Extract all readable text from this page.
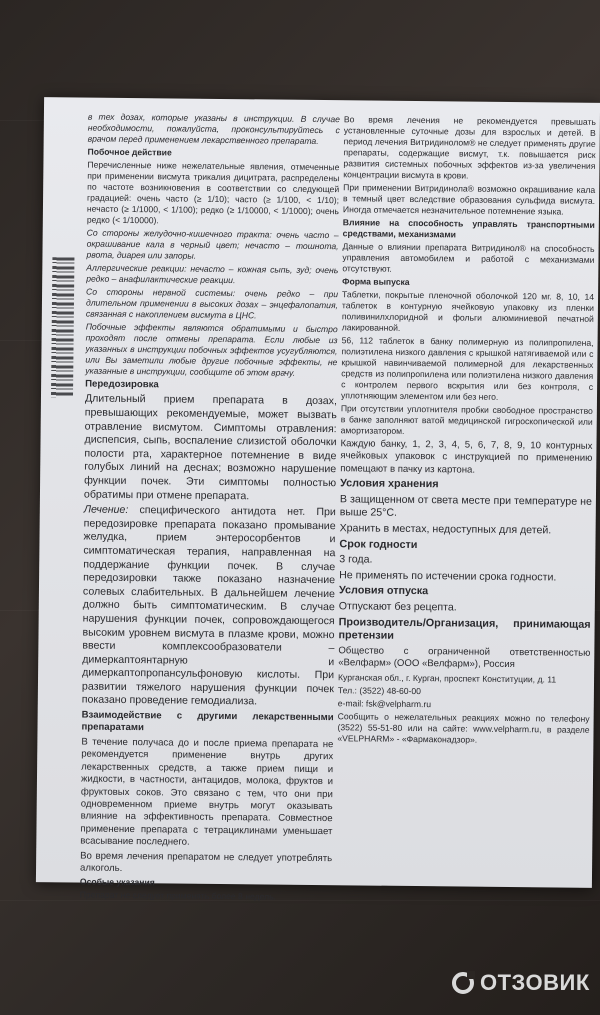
в тех дозах, которые указаны в инструкции. В случае необходимости, пожалуйста, проконсультируйтесь с врачом перед применением лекарственного препарата.

Побочное действие

Перечисленные ниже нежелательные явления, отмеченные при применении висмута трикалия дицитрата, распределены по частоте возникновения в соответствии со следующей градацией: очень часто (≥ 1/10); часто (≥ 1/100, < 1/10); нечасто (≥ 1/1000, < 1/100); редко (≥ 1/10000, < 1/1000); очень редко (< 1/10000).

Со стороны желудочно-кишечного тракта: очень часто – окрашивание кала в черный цвет; нечасто – тошнота, рвота, диарея или запоры.

Аллергические реакции: нечасто – кожная сыпь, зуд; очень редко – анафилактические реакции.

Со стороны нервной системы: очень редко – при длительном применении в высоких дозах – энцефалопатия, связанная с накоплением висмута в ЦНС.

Побочные эффекты являются обратимыми и быстро проходят после отмены препарата. Если любые из указанных в инструкции побочных эффектов усугубляются, или Вы заметили любые другие побочные эффекты, не указанные в инструкции, сообщите об этом врачу.

Передозировка

Длительный прием препарата в дозах, превышающих рекомендуемые, может вызвать отравление висмутом. Симптомы отравления: диспепсия, сыпь, воспаление слизистой оболочки полости рта, характерное потемнение в виде голубых линий на деснах; возможно нарушение функции почек. Эти симптомы полностью обратимы при отмене препарата.

Лечение: специфического антидота нет. При передозировке препарата показано промывание желудка, прием энтеросорбентов и симптоматическая терапия, направленная на поддержание функции почек. В случае передозировки также показано назначение солевых слабительных. В дальнейшем лечение должно быть симптоматическим. В случае нарушения функции почек, сопровождающегося высоким уровнем висмута в плазме крови, можно ввести комплексообразователи – димеркаптоянтарную и димеркаптопропансульфоновую кислоты. При развитии тяжелого нарушения функции почек показано проведение гемодиализа.

Взаимодействие с другими лекарственными препаратами

В течение получаса до и после приема препарата не рекомендуется применение внутрь других лекарственных средств, а также прием пищи и жидкости, в частности, антацидов, молока, фруктов и фруктовых соков. Это связано с тем, что они при одновременном приеме внутрь могут оказывать влияние на эффективность препарата. Совместное применение препарата с тетрациклинами уменьшает всасывание последнего.

Во время лечения препаратом не следует употреблять алкоголь.

Особые указания

Препарат не следует применять более 8 недель.

Во время лечения не рекомендуется превышать установленные суточные дозы для взрослых и детей. В период лечения Витридинолом® не следует применять другие препараты, содержащие висмут, т.к. повышается риск развития системных побочных эффектов из-за увеличения концентрации висмута в крови.

При применении Витридинола® возможно окрашивание кала в темный цвет вследствие образования сульфида висмута. Иногда отмечается незначительное потемнение языка.

Влияние на способность управлять транспортными средствами, механизмами

Данные о влиянии препарата Витридинол® на способность управления автомобилем и работой с механизмами отсутствуют.

Форма выпуска

Таблетки, покрытые пленочной оболочкой 120 мг. 8, 10, 14 таблеток в контурную ячейковую упаковку из пленки поливинилхлоридной и фольги алюминиевой печатной лакированной.

56, 112 таблеток в банку полимерную из полипропилена, полиэтилена низкого давления с крышкой натягиваемой или с крышкой навинчиваемой полимерной для лекарственных средств из полипропилена или полиэтилена низкого давления с контролем первого вскрытия или без контроля, с уплотняющим элементом или без него.

При отсутствии уплотнителя пробки свободное пространство в банке заполняют ватой медицинской гигроскопической или амортизатором.

Каждую банку, 1, 2, 3, 4, 5, 6, 7, 8, 9, 10 контурных ячейковых упаковок с инструкцией по применению помещают в пачку из картона.

Условия хранения

В защищенном от света месте при температуре не выше 25°С.

Хранить в местах, недоступных для детей.

Срок годности

3 года.

Не применять по истечении срока годности.

Условия отпуска

Отпускают без рецепта.

Производитель/Организация, принимающая претензии

Общество с ограниченной ответственностью «Велфарм» (ООО «Велфарм»), Россия

Курганская обл., г. Курган, проспект Конституции, д. 11

Тел.: (3522) 48-60-00

e-mail: fsk@velpharm.ru

Сообщить о нежелательных реакциях можно по телефону (3522) 55-51-80 или на сайте: www.velpharm.ru, в разделе «VELPHARM» - «Фармаконадзор».

ОТЗОВИК
